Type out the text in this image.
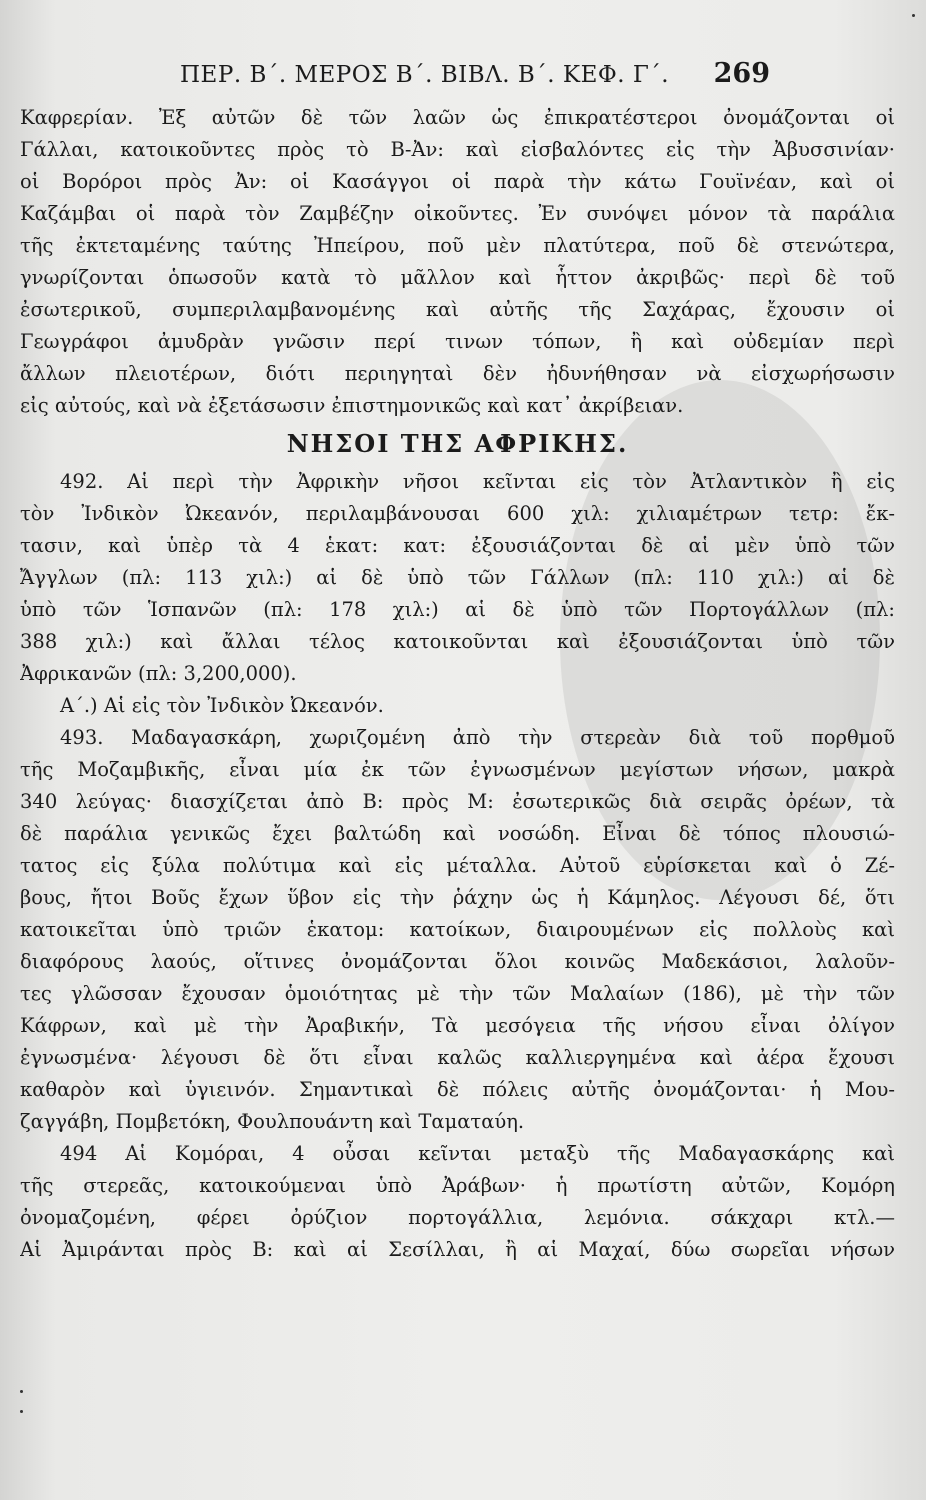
ΠΕΡ. Β΄. ΜΕΡΟΣ Β΄. ΒΙΒΛ. Β΄. ΚΕΦ. Γ΄. 269
Καφρερίαν. Ἐξ αὐτῶν δὲ τῶν λαῶν ὡς ἐπικρατέστεροι ὀνομάζονται οἱ
Γάλλαι, κατοικοῦντες πρὸς τὸ Β-Ἀν: καὶ εἰσβαλόντες εἰς τὴν Ἀβυσσινίαν·
οἱ Βορόροι πρὸς Ἀν: οἱ Κασάγγοι οἱ παρὰ τὴν κάτω Γουϊνέαν, καὶ οἱ
Καζάμβαι οἱ παρὰ τὸν Ζαμβέζην οἰκοῦντες. Ἐν συνόψει μόνον τὰ παράλια
τῆς ἐκτεταμένης ταύτης Ἠπείρου, ποῦ μὲν πλατύτερα, ποῦ δὲ στενώτερα,
γνωρίζονται ὁπωσοῦν κατὰ τὸ μᾶλλον καὶ ἧττον ἀκριβῶς· περὶ δὲ τοῦ
ἐσωτερικοῦ, συμπεριλαμβανομένης καὶ αὐτῆς τῆς Σαχάρας, ἔχουσιν οἱ
Γεωγράφοι ἀμυδρὰν γνῶσιν περί τινων τόπων, ἢ καὶ οὐδεμίαν περὶ
ἄλλων πλειοτέρων, διότι περιηγηταὶ δὲν ἠδυνήθησαν νὰ εἰσχωρήσωσιν
εἰς αὐτούς, καὶ νὰ ἐξετάσωσιν ἐπιστημονικῶς καὶ κατ᾽ ἀκρίβειαν.
ΝΗΣΟΙ ΤΗΣ ΑΦΡΙΚΗΣ.
492. Αἱ περὶ τὴν Ἀφρικὴν νῆσοι κεῖνται εἰς τὸν Ἀτλαντικὸν ἢ εἰς
τὸν Ἰνδικὸν Ὠκεανόν, περιλαμβάνουσαι 600 χιλ: χιλιαμέτρων τετρ: ἔκ-
τασιν, καὶ ὑπὲρ τὰ 4 ἑκατ: κατ: ἐξουσιάζονται δὲ αἱ μὲν ὑπὸ τῶν
Ἄγγλων (πλ: 113 χιλ:) αἱ δὲ ὑπὸ τῶν Γάλλων (πλ: 110 χιλ:) αἱ δὲ
ὑπὸ τῶν Ἱσπανῶν (πλ: 178 χιλ:) αἱ δὲ ὑπὸ τῶν Πορτογάλλων (πλ:
388 χιλ:) καὶ ἄλλαι τέλος κατοικοῦνται καὶ ἐξουσιάζονται ὑπὸ τῶν
Ἀφρικανῶν (πλ: 3,200,000).
Α΄.) Αἱ εἰς τὸν Ἰνδικὸν Ὠκεανόν.
493. Μαδαγασκάρη, χωριζομένη ἀπὸ τὴν στερεὰν διὰ τοῦ πορθμοῦ
τῆς Μοζαμβικῆς, εἶναι μία ἐκ τῶν ἐγνωσμένων μεγίστων νήσων, μακρὰ
340 λεύγας· διασχίζεται ἀπὸ Β: πρὸς Μ: ἐσωτερικῶς διὰ σειρᾶς ὀρέων, τὰ
δὲ παράλια γενικῶς ἔχει βαλτώδη καὶ νοσώδη. Εἶναι δὲ τόπος πλουσιώ-
τατος εἰς ξύλα πολύτιμα καὶ εἰς μέταλλα. Αὐτοῦ εὑρίσκεται καὶ ὁ Ζέ-
βους, ἤτοι Βοῦς ἔχων ὕβον εἰς τὴν ῥάχην ὡς ἡ Κάμηλος. Λέγουσι δέ, ὅτι
κατοικεῖται ὑπὸ τριῶν ἑκατομ: κατοίκων, διαιρουμένων εἰς πολλοὺς καὶ
διαφόρους λαούς, οἵτινες ὀνομάζονται ὅλοι κοινῶς Μαδεκάσιοι, λαλοῦν-
τες γλῶσσαν ἔχουσαν ὁμοιότητας μὲ τὴν τῶν Μαλαίων (186), μὲ τὴν τῶν
Κάφρων, καὶ μὲ τὴν Ἀραβικήν, Τὰ μεσόγεια τῆς νήσου εἶναι ὀλίγον
ἐγνωσμένα· λέγουσι δὲ ὅτι εἶναι καλῶς καλλιεργημένα καὶ ἀέρα ἔχουσι
καθαρὸν καὶ ὑγιεινόν. Σημαντικαὶ δὲ πόλεις αὐτῆς ὀνομάζονται· ἡ Μου-
ζαγγάβη, Πομβετόκη, Φουλπουάντη καὶ Ταματαύη.
494 Αἱ Κομόραι, 4 οὖσαι κεῖνται μεταξὺ τῆς Μαδαγασκάρης καὶ
τῆς στερεᾶς, κατοικούμεναι ὑπὸ Ἀράβων· ἡ πρωτίστη αὐτῶν, Κομόρη
ὀνομαζομένη, φέρει ὀρύζιον πορτογάλλια, λεμόνια. σάκχαρι κτλ.—
Αἱ Ἀμιράνται πρὸς Β: καὶ αἱ Σεσίλλαι, ἢ αἱ Μαχαί, δύω σωρεῖαι νήσων
